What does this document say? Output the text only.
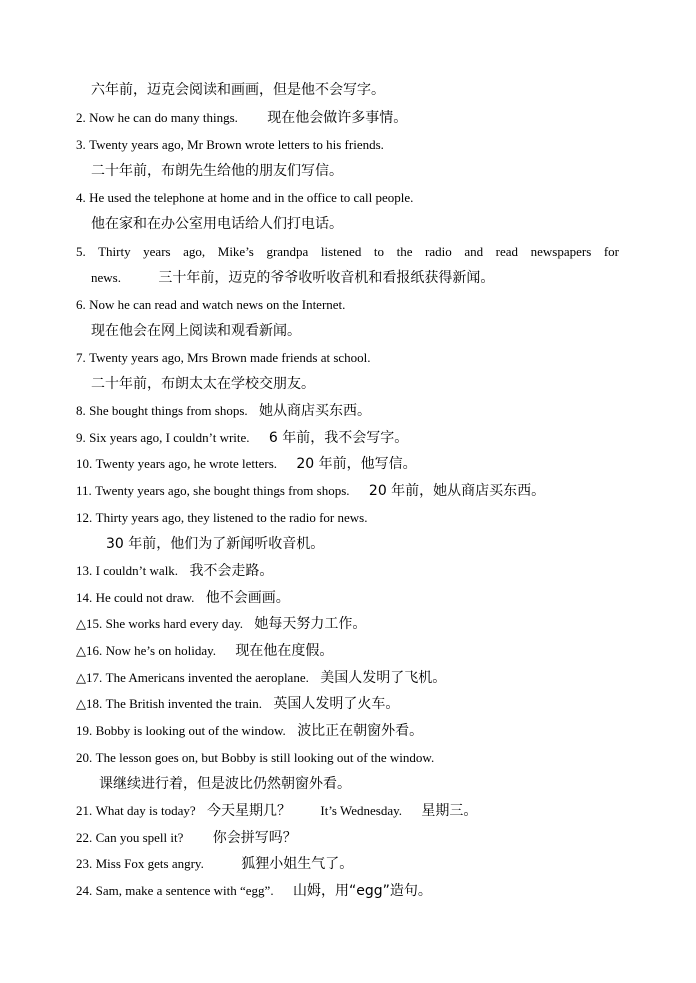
六年前，迈克会阅读和画画，但是他不会写字。
2. Now he can do many things. 现在他会做许多事情。
3. Twenty years ago, Mr Brown wrote letters to his friends.
二十年前，布朗先生给他的朋友们写信。
4. He used the telephone at home and in the office to call people.
他在家和在办公室用电话给人们打电话。
5. Thirty years ago, Mike’s grandpa listened to the radio and read newspapers for
news.	三十年前，迈克的爷爷收听收音机和看报纸获得新闻。
6. Now he can read and watch news on the Internet.
现在他会在网上阅读和观看新闻。
7. Twenty years ago, Mrs Brown made friends at school.
二十年前，布朗太太在学校交朋友。
8. She bought things from shops. 她从商店买东西。
9. Six years ago, I couldn’t write. 6 年前，我不会写字。
10. Twenty years ago, he wrote letters. 20 年前，他写信。
11. Twenty years ago, she bought things from shops. 20 年前，她从商店买东西。
12. Thirty years ago, they listened to the radio for news.
30 年前，他们为了新闻听收音机。
13. I couldn’t walk. 我不会走路。
14. He could not draw. 他不会画画。
△15. She works hard every day. 她每天努力工作。
△16. Now he’s on holiday. 现在他在度假。
△17. The Americans invented the aeroplane. 美国人发明了飞机。
△18. The British invented the train. 英国人发明了火车。
19. Bobby is looking out of the window. 波比正在朝窗外看。
20. The lesson goes on, but Bobby is still looking out of the window.
课继续进行着，但是波比仍然朝窗外看。
21. What day is today? 今天星期几？ It’s Wednesday. 星期三。
22. Can you spell it? 你会拼写吗？
23. Miss Fox gets angry.	狐狸小姐生气了。
24. Sam, make a sentence with “egg”. 山姆，用“egg”造句。
